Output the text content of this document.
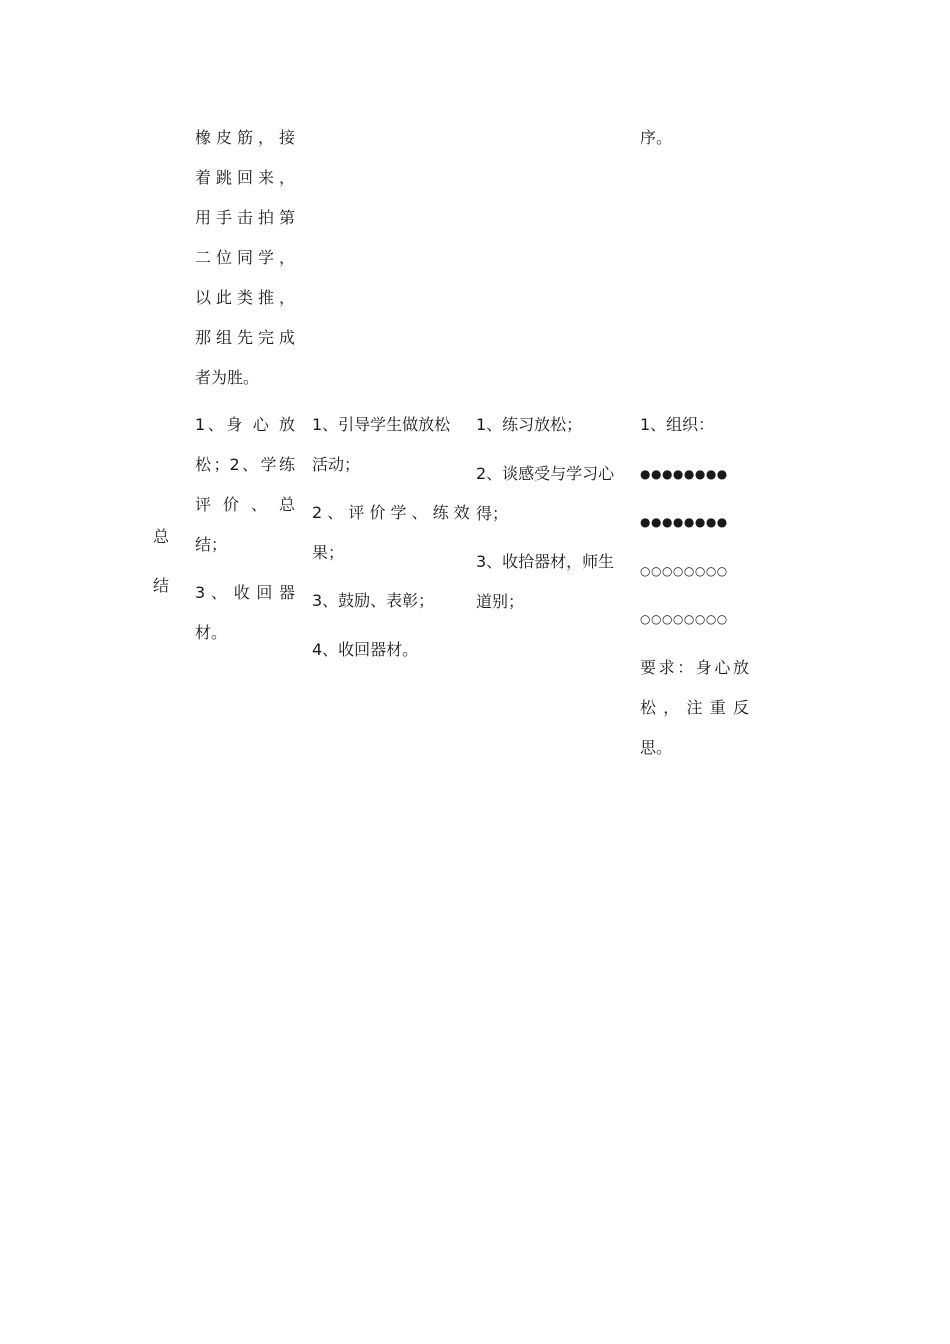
总
结
橡皮筋，接
着跳回来，
用手击拍第
二位同学，
以此类推，
那组先完成
者为胜。
序。
1、身 心 放
松；2、学练
评 价 、 总
结；
3 、 收 回 器
材。
1、引导学生做放松
活动；
2 、 评 价 学 、 练 效
果；
3、鼓励、表彰；
4、收回器材。
1、练习放松；
2、谈感受与学习心
得；
3、收拾器材，师生
道别；
1、组织：
●●●●●●●●
●●●●●●●●
○○○○○○○○
○○○○○○○○
要求：身心放
松 ， 注 重 反
思。
